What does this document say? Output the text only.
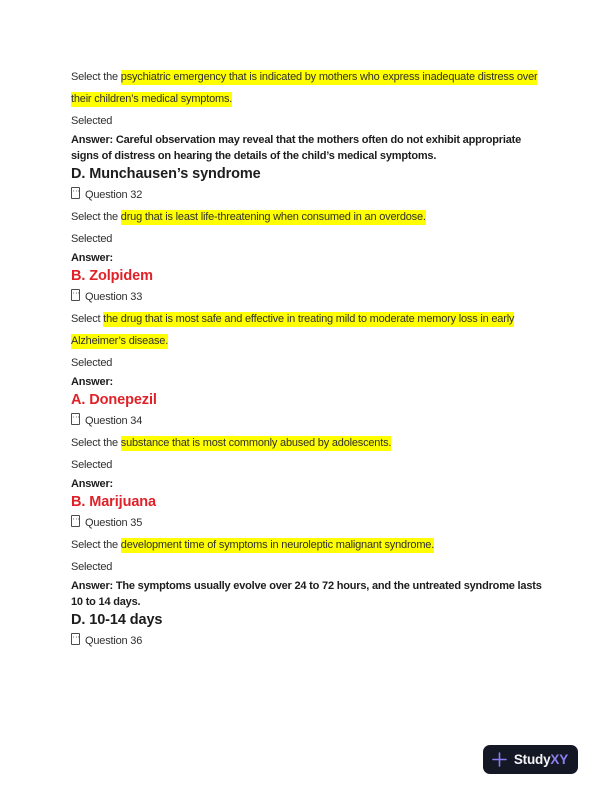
Select the psychiatric emergency that is indicated by mothers who express inadequate distress over their children’s medical symptoms.

Selected

Answer: Careful observation may reveal that the mothers often do not exhibit appropriate signs of distress on hearing the details of the child’s medical symptoms.

D. Munchausen’s syndrome

Question 32

Select the drug that is least life-threatening when consumed in an overdose.

Selected

Answer:

B. Zolpidem

Question 33

Select the drug that is most safe and effective in treating mild to moderate memory loss in early Alzheimer’s disease.

Selected

Answer:

A. Donepezil

Question 34

Select the substance that is most commonly abused by adolescents.

Selected

Answer:

B. Marijuana

Question 35

Select the development time of symptoms in neuroleptic malignant syndrome.

Selected

Answer: The symptoms usually evolve over 24 to 72 hours, and the untreated syndrome lasts 10 to 14 days.

D. 10-14 days

Question 36

StudyXY
